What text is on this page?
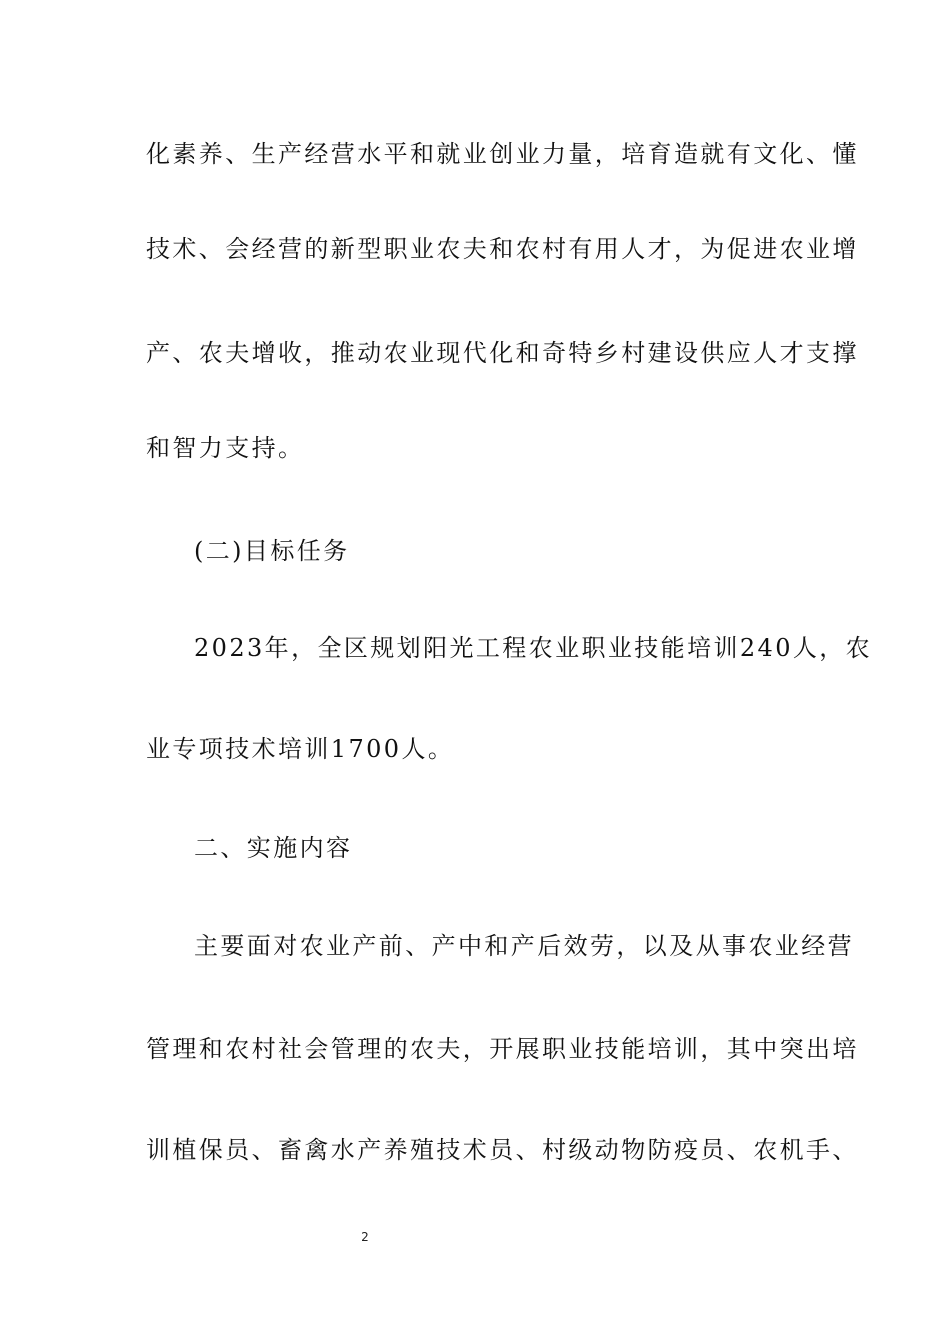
化素养、生产经营水平和就业创业力量，培育造就有文化、懂
技术、会经营的新型职业农夫和农村有用人才，为促进农业增
产、农夫增收，推动农业现代化和奇特乡村建设供应人才支撑
和智力支持。
(二)目标任务
2023年，全区规划阳光工程农业职业技能培训240人，农
业专项技术培训1700人。
二、实施内容
主要面对农业产前、产中和产后效劳，以及从事农业经营
管理和农村社会管理的农夫，开展职业技能培训，其中突出培
训植保员、畜禽水产养殖技术员、村级动物防疫员、农机手、
2
